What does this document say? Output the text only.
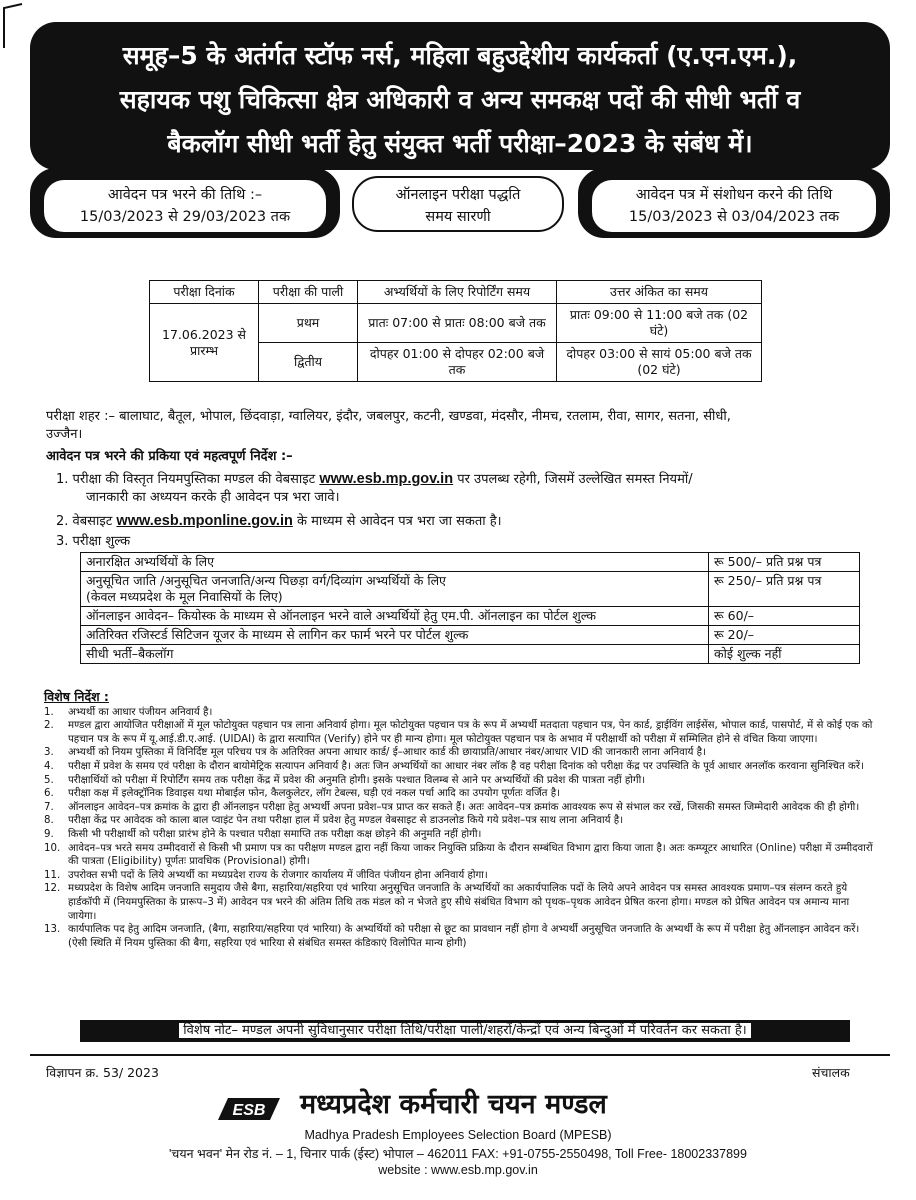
समूह–5 के अतंर्गत स्टॉफ नर्स, महिला बहुउद्देशीय कार्यकर्ता (ए.एन.एम.),
सहायक पशु चिकित्सा क्षेत्र अधिकारी व अन्य समकक्ष पदों की सीधी भर्ती व
बैकलॉग सीधी भर्ती हेतु संयुक्त भर्ती परीक्षा–2023 के संबंध में।
आवेदन पत्र भरने की तिथि :–
15/03/2023 से 29/03/2023 तक
ऑनलाइन परीक्षा पद्धति
समय सारणी
आवेदन पत्र में संशोधन करने की तिथि
15/03/2023 से 03/04/2023 तक
परीक्षा दिनांक	परीक्षा की पाली	अभ्यर्थियों के लिए रिपोर्टिंग समय	उत्तर अंकित का समय
17.06.2023 से प्रारम्भ	प्रथम	प्रातः 07:00 से प्रातः 08:00 बजे तक	प्रातः 09:00 से 11:00 बजे तक (02 घंटे)
	द्वितीय	दोपहर 01:00 से दोपहर 02:00 बजे तक	दोपहर 03:00 से सायं 05:00 बजे तक (02 घंटे)
परीक्षा शहर :– बालाघाट, बैतूल, भोपाल, छिंदवाड़ा, ग्वालियर, इंदौर, जबलपुर, कटनी, खण्डवा, मंदसौर, नीमच, रतलाम, रीवा, सागर, सतना, सीधी,
उज्जैन।
आवेदन पत्र भरने की प्रकिया एवं महत्वपूर्ण निर्देश :–
1. परीक्षा की विस्तृत नियमपुस्तिका मण्डल की वेबसाइट www.esb.mp.gov.in पर उपलब्ध रहेगी, जिसमें उल्लेखित समस्त नियमों/
जानकारी का अध्ययन करके ही आवेदन पत्र भरा जावे।
2. वेबसाइट www.esb.mponline.gov.in के माध्यम से आवेदन पत्र भरा जा सकता है।
3. परीक्षा शुल्क
अनारक्षित अभ्यर्थियों के लिए	रू 500/– प्रति प्रश्न पत्र

अनुसूचित जाति /अनुसूचित जनजाति/अन्य पिछड़ा वर्ग/दिव्यांग अभ्यर्थियों के लिए
(केवल मध्यप्रदेश के मूल निवासियों के लिए)	रू 250/– प्रति प्रश्न पत्र
ऑनलाइन आवेदन– कियोस्क के माध्यम से ऑनलाइन भरने वाले अभ्यर्थियों हेतु एम.पी. ऑनलाइन का पोर्टल शुल्क	रू 60/–
अतिरिक्त रजिस्टर्ड सिटिजन यूजर के माध्यम से लागिन कर फार्म भरने पर पोर्टल शुल्क	रू 20/–
सीधी भर्ती–बैकलॉग	कोई शुल्क नहीं
विशेष निर्देश :
1.	अभ्यर्थी का आधार पंजीयन अनिवार्य है।
2.	मण्डल द्वारा आयोजित परीक्षाओं में मूल फोटोयुक्त पहचान पत्र लाना अनिवार्य होगा। मूल फोटोयुक्त पहचान पत्र के रूप में अभ्यर्थी मतदाता पहचान पत्र, पेन कार्ड, ड्राईविंग लाईसेंस, भोपाल कार्ड, पासपोर्ट, में से कोई एक को पहचान पत्र के रूप में यू.आई.डी.ए.आई. (UIDAI) के द्वारा सत्यापित (Verify) होने पर ही मान्य होगा। मूल फोटोयुक्त पहचान पत्र के अभाव में परीक्षार्थी को परीक्षा में सम्मिलित होने से वंचित किया जाएगा।
3.	अभ्यर्थी को नियम पुस्तिका में विनिर्दिष्ट मूल परिचय पत्र के अतिरिक्त अपना आधार कार्ड/ ई–आधार कार्ड की छायाप्रति/आधार नंबर/आधार VID की जानकारी लाना अनिवार्य है।
4.	परीक्षा में प्रवेश के समय एवं परीक्षा के दौरान बायोमेट्रिक सत्यापन अनिवार्य है। अतः जिन अभ्यर्थियों का आधार नंबर लॉक है वह परीक्षा दिनांक को परीक्षा केंद्र पर उपस्थिति के पूर्व आधार अनलॉक करवाना सुनिश्चित करें।
5.	परीक्षार्थियों को परीक्षा में रिपोर्टिंग समय तक परीक्षा केंद्र में प्रवेश की अनुमति होगी। इसके पश्चात विलम्ब से आने पर अभ्यर्थियों की प्रवेश की पात्रता नहीं होगी।
6.	परीक्षा कक्ष में इलेक्ट्रॉनिक डिवाइस यथा मोबाईल फोन, कैलकुलेटर, लॉग टेबल्स, घड़ी एवं नकल पर्चा आदि का उपयोग पूर्णतः वर्जित है।
7.	ऑनलाइन आवेदन–पत्र क्रमांक के द्वारा ही ऑनलाइन परीक्षा हेतु अभ्यर्थी अपना प्रवेश–पत्र प्राप्त कर सकते हैं। अतः आवेदन–पत्र क्रमांक आवश्यक रूप से संभाल कर रखें, जिसकी समस्त जिम्मेदारी आवेदक की ही होगी।
8.	परीक्षा केंद्र पर आवेदक को काला बाल प्वाइंट पेन तथा परीक्षा हाल में प्रवेश हेतु मण्डल वेबसाइट से डाउनलोड किये गये प्रवेश–पत्र साथ लाना अनिवार्य है।
9.	किसी भी परीक्षार्थी को परीक्षा प्रारंभ होने के पश्चात परीक्षा समाप्ति तक परीक्षा कक्ष छोड़ने की अनुमति नहीं होगी।
10. आवेदन–पत्र भरते समय उम्मीदवारों से किसी भी प्रमाण पत्र का परीक्षण मण्डल द्वारा नहीं किया जाकर नियुक्ति प्रक्रिया के दौरान सम्बंधित विभाग द्वारा किया जाता है। अतः कम्प्यूटर आधारित (Online) परीक्षा में उम्मीदवारों की पात्रता (Eligibility) पूर्णतः प्रावधिक (Provisional) होगी।
11. उपरोक्त सभी पदों के लिये अभ्यर्थी का मध्यप्रदेश राज्य के रोजगार कार्यालय में जीवित पंजीयन होना अनिवार्य होगा।
12. मध्यप्रदेश के विशेष आदिम जनजाति समुदाय जैसे बैगा, सहारिया/सहरिया एवं भारिया अनुसूचित जनजाति के अभ्यर्थियों का अकार्यपालिक पदों के लिये अपने आवेदन पत्र समस्त आवश्यक प्रमाण–पत्र संलग्न करते हुये हार्डकॉपी में (नियमपुस्तिका के प्रारूप–3 में) आवेदन पत्र भरने की अंतिम तिथि तक मंडल को न भेजते हुए सीधे संबंधित विभाग को पृथक–पृथक आवेदन प्रेषित करना होगा। मण्डल को प्रेषित आवेदन पत्र अमान्य माना जायेगा।
13. कार्यपालिक पद हेतु आदिम जनजाति, (बैगा, सहारिया/सहरिया एवं भारिया) के अभ्यर्थियों को परीक्षा से छूट का प्रावधान नहीं होगा वे अभ्यर्थी अनुसूचित जनजाति के अभ्यर्थी के रूप में परीक्षा हेतु ऑनलाइन आवेदन करें। (ऐसी स्थिति में नियम पुस्तिका की बैगा, सहरिया एवं भारिया से संबंधित समस्त कंडिकाएं विलोपित मान्य होगी)
विशेष नोट– मण्डल अपनी सुविधानुसार परीक्षा तिथि/परीक्षा पाली/शहरों/केन्द्रों एवं अन्य बिन्दुओं में परिवर्तन कर सकता है।
विज्ञापन क्र. 53/ 2023	संचालक
ESB मध्यप्रदेश कर्मचारी चयन मण्डल
Madhya Pradesh Employees Selection Board (MPESB)
'चयन भवन' मेन रोड नं. – 1, चिनार पार्क (ईस्ट) भोपाल – 462011 FAX: +91-0755-2550498, Toll Free- 18002337899
website : www.esb.mp.gov.in
